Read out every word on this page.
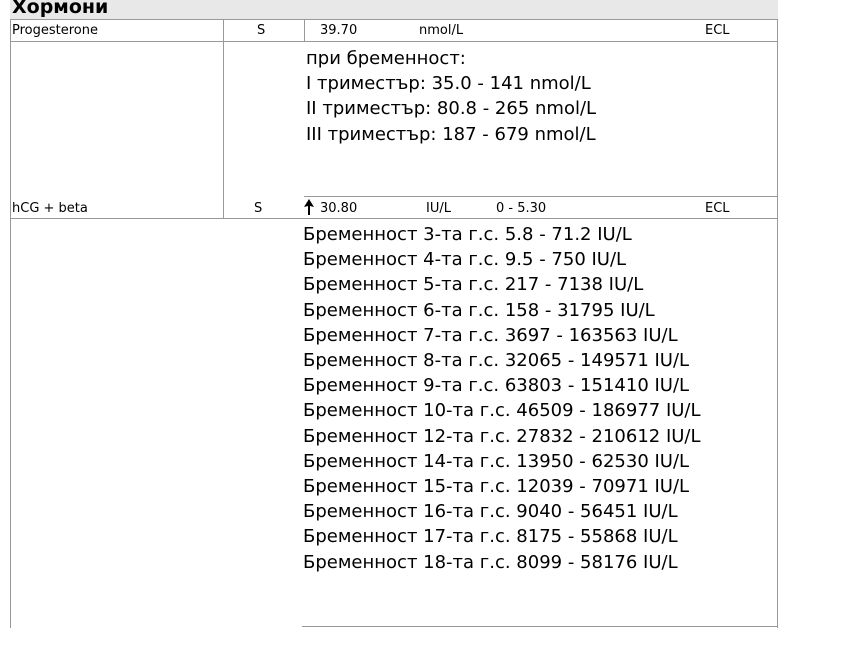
Хормони
Progesterone	S	39.70	nmol/L	ECL
при бременност:
I триместър: 35.0 - 141 nmol/L
II триместър: 80.8 - 265 nmol/L
III триместър: 187 - 679 nmol/L
hCG + beta	S	30.80	IU/L	0 - 5.30	ECL
Бременност 3-та г.с. 5.8 - 71.2 IU/L
Бременност 4-та г.с. 9.5 - 750 IU/L
Бременност 5-та г.с. 217 - 7138 IU/L
Бременност 6-та г.с. 158 - 31795 IU/L
Бременност 7-та г.с. 3697 - 163563 IU/L
Бременност 8-та г.с. 32065 - 149571 IU/L
Бременност 9-та г.с. 63803 - 151410 IU/L
Бременност 10-та г.с. 46509 - 186977 IU/L
Бременност 12-та г.с. 27832 - 210612 IU/L
Бременност 14-та г.с. 13950 - 62530 IU/L
Бременност 15-та г.с. 12039 - 70971 IU/L
Бременност 16-та г.с. 9040 - 56451 IU/L
Бременност 17-та г.с. 8175 - 55868 IU/L
Бременност 18-та г.с. 8099 - 58176 IU/L
